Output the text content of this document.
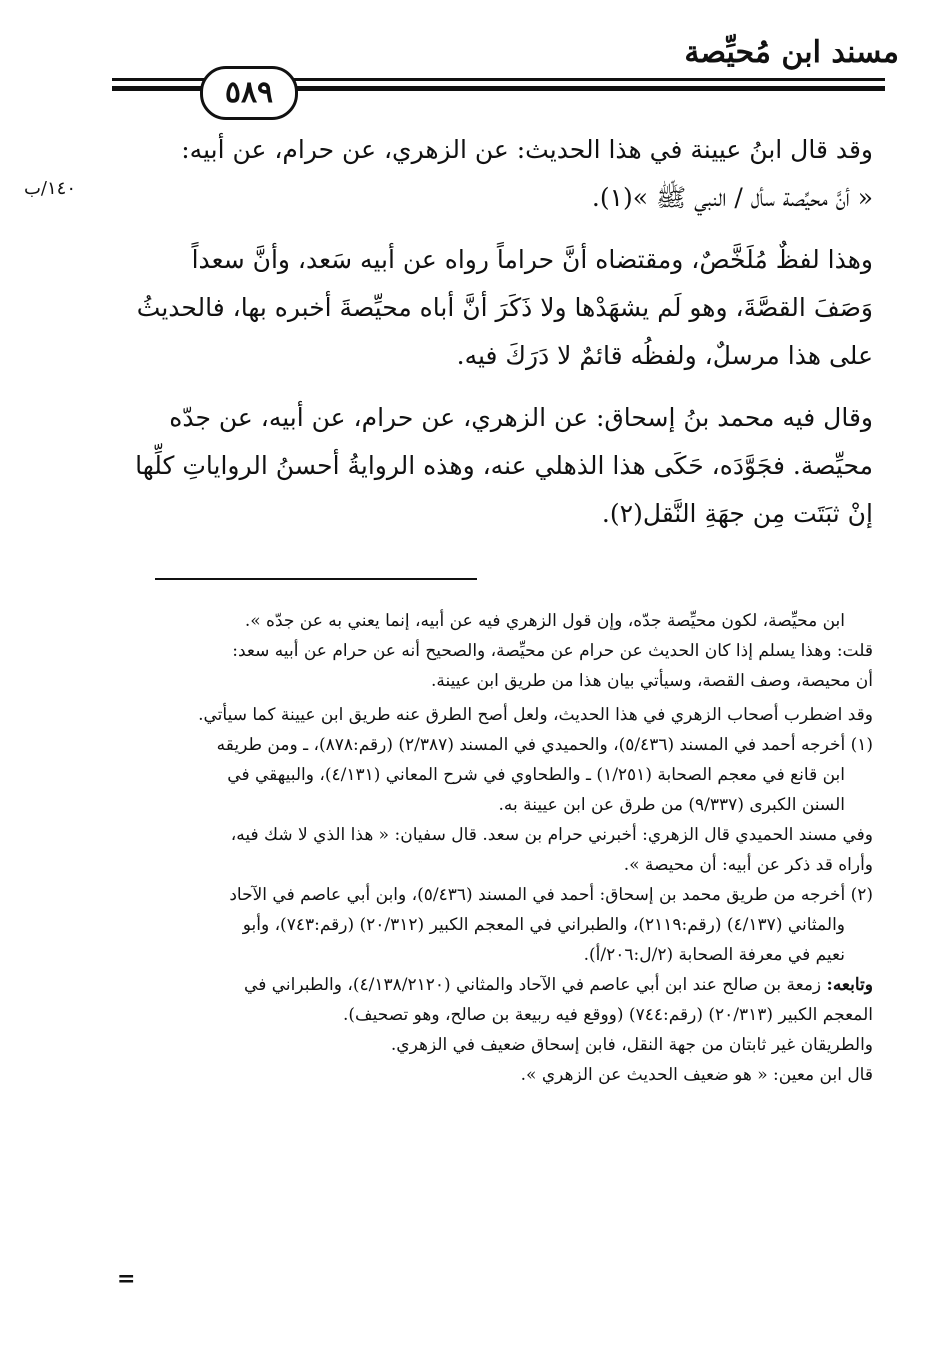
مسند ابن مُحيِّصة
٥٨٩
١٤٠/ب

وقد قال ابنُ عيينة في هذا الحديث: عن الزهري، عن حرام، عن أبيه:
« أنَّ محيِّصة سأل / النبي ﷺ »(١).

وهذا لفظٌ مُلَخَّصٌ، ومقتضاه أنَّ حراماً رواه عن أبيه سَعد، وأنَّ سعداً
وَصَفَ القصَّةَ، وهو لَم يشهَدْها ولا ذَكَرَ أنَّ أباه محيِّصةَ أخبره بها، فالحديثُ
على هذا مرسلٌ، ولفظُه قائمٌ لا دَرَكَ فيه.

وقال فيه محمد بنُ إسحاق: عن الزهري، عن حرام، عن أبيه، عن جدّه
محيِّصة. فجَوَّدَه، حَكَى هذا الذهلي عنه، وهذه الروايةُ أحسنُ الرواياتِ كلِّها
إنْ ثبَتَت مِن جهَةِ النَّقل(٢).

ابن محيِّصة، لكون محيِّصة جدّه، وإن قول الزهري فيه عن أبيه، إنما يعني به عن جدّه ».

قلت: وهذا يسلم إذا كان الحديث عن حرام عن محيِّصة، والصحيح أنه عن حرام عن أبيه سعد:
أن محيصة، وصف القصة، وسيأتي بيان هذا من طريق ابن عيينة.

وقد اضطرب أصحاب الزهري في هذا الحديث، ولعل أصح الطرق عنه طريق ابن عيينة كما سيأتي.

(١) أخرجه أحمد في المسند (٥/٤٣٦)، والحميدي في المسند (٢/٣٨٧) (رقم:٨٧٨)، ـ ومن طريقه
ابن قانع في معجم الصحابة (١/٢٥١) ـ والطحاوي في شرح المعاني (٤/١٣١)، والبيهقي في
السنن الكبرى (٩/٣٣٧) من طرق عن ابن عيينة به.

وفي مسند الحميدي قال الزهري: أخبرني حرام بن سعد. قال سفيان: « هذا الذي لا شك فيه،
وأراه قد ذكر عن أبيه: أن محيصة ».

(٢) أخرجه من طريق محمد بن إسحاق: أحمد في المسند (٥/٤٣٦)، وابن أبي عاصم في الآحاد
والمثاني (٤/١٣٧) (رقم:٢١١٩)، والطبراني في المعجم الكبير (٢٠/٣١٢) (رقم:٧٤٣)، وأبو
نعيم في معرفة الصحابة (٢/ل:٢٠٦/أ).

وتابعه: زمعة بن صالح عند ابن أبي عاصم في الآحاد والمثاني (٤/١٣٨/٢١٢٠)، والطبراني في
المعجم الكبير (٢٠/٣١٣) (رقم:٧٤٤) (ووقع فيه ربيعة بن صالح، وهو تصحيف).

والطريقان غير ثابتان من جهة النقل، فابن إسحاق ضعيف في الزهري.

قال ابن معين: « هو ضعيف الحديث عن الزهري ».

=
